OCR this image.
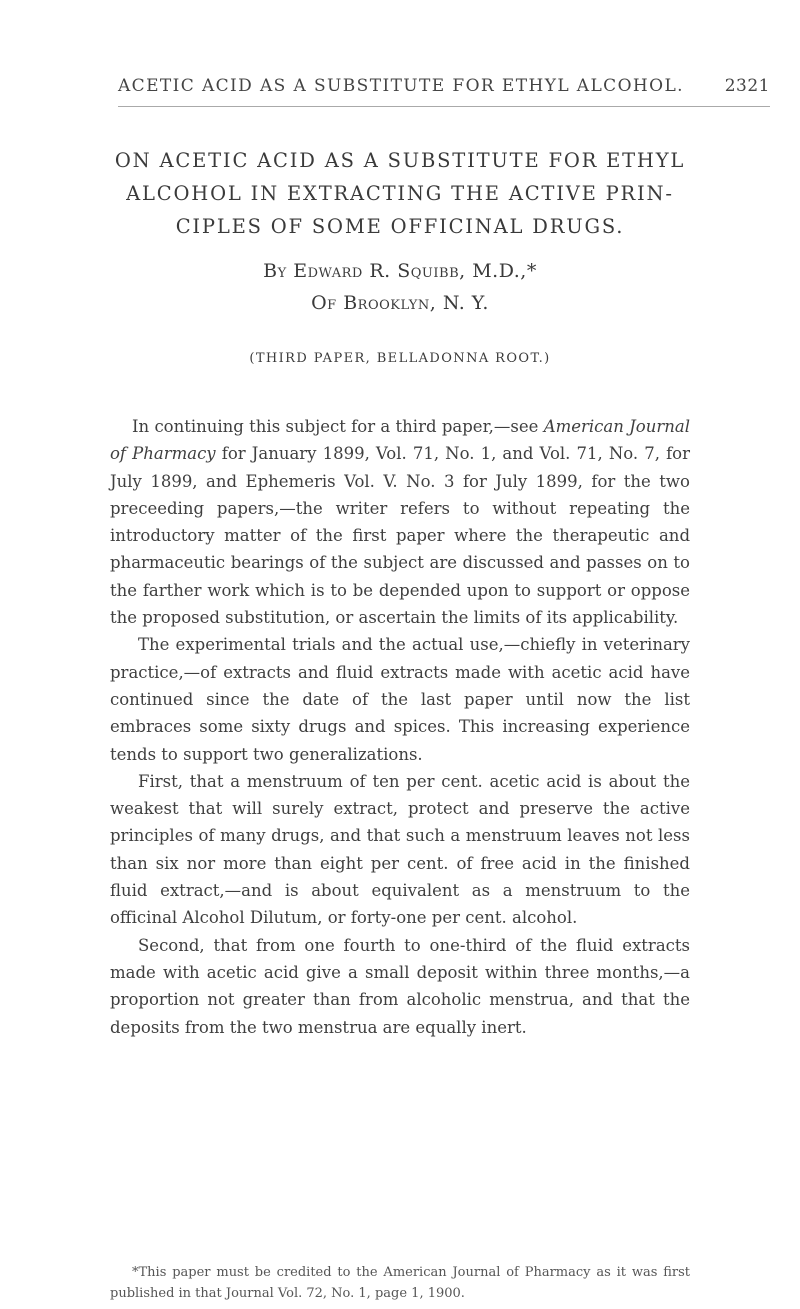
ACETIC ACID AS A SUBSTITUTE FOR ETHYL ALCOHOL. 2321
ON ACETIC ACID AS A SUBSTITUTE FOR ETHYL
ALCOHOL IN EXTRACTING THE ACTIVE PRIN-
CIPLES OF SOME OFFICINAL DRUGS.
By Edward R. Squibb, M.D.,*
Of Brooklyn, N. Y.
(THIRD PAPER, BELLADONNA ROOT.)

In continuing this subject for a third paper,—see American Journal of Pharmacy for January 1899, Vol. 71, No. 1, and Vol. 71, No. 7, for July 1899, and Ephemeris Vol. V. No. 3 for July 1899, for the two preceeding papers,—the writer refers to without repeating the introductory matter of the first paper where the therapeutic and pharmaceutic bearings of the subject are discussed and passes on to the farther work which is to be depended upon to support or oppose the proposed substitution, or ascertain the limits of its applicability.

The experimental trials and the actual use,—chiefly in veterinary practice,—of extracts and fluid extracts made with acetic acid have continued since the date of the last paper until now the list embraces some sixty drugs and spices. This increasing experience tends to support two generalizations.

First, that a menstruum of ten per cent. acetic acid is about the weakest that will surely extract, protect and preserve the active principles of many drugs, and that such a menstruum leaves not less than six nor more than eight per cent. of free acid in the finished fluid extract,—and is about equivalent as a menstruum to the officinal Alcohol Dilutum, or forty-one per cent. alcohol.

Second, that from one fourth to one-third of the fluid extracts made with acetic acid give a small deposit within three months,—a proportion not greater than from alcoholic menstrua, and that the deposits from the two menstrua are equally inert.

*This paper must be credited to the American Journal of Pharmacy as it was first published in that Journal Vol. 72, No. 1, page 1, 1900.
